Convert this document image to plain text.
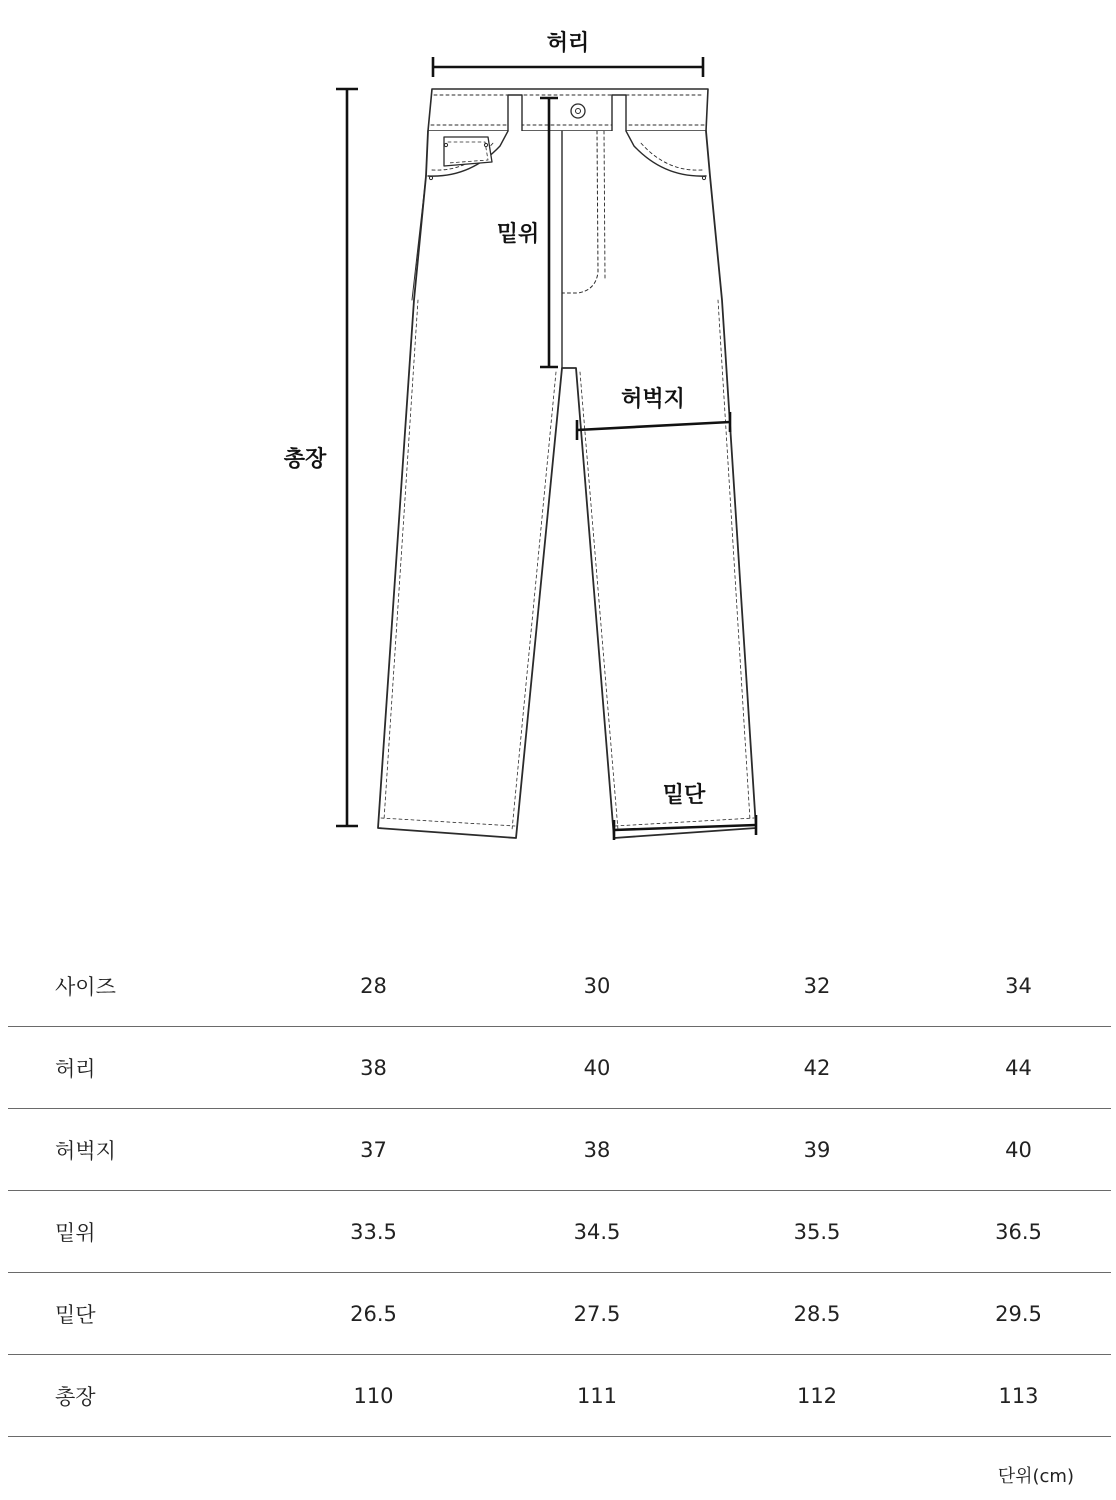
허리
밑위
허벅지
총장
밑단
사이즈	28	30	32	34
허리	38	40	42	44
허벅지	37	38	39	40
밑위	33.5	34.5	35.5	36.5
밑단	26.5	27.5	28.5	29.5
총장	110	111	112	113
단위(cm)
